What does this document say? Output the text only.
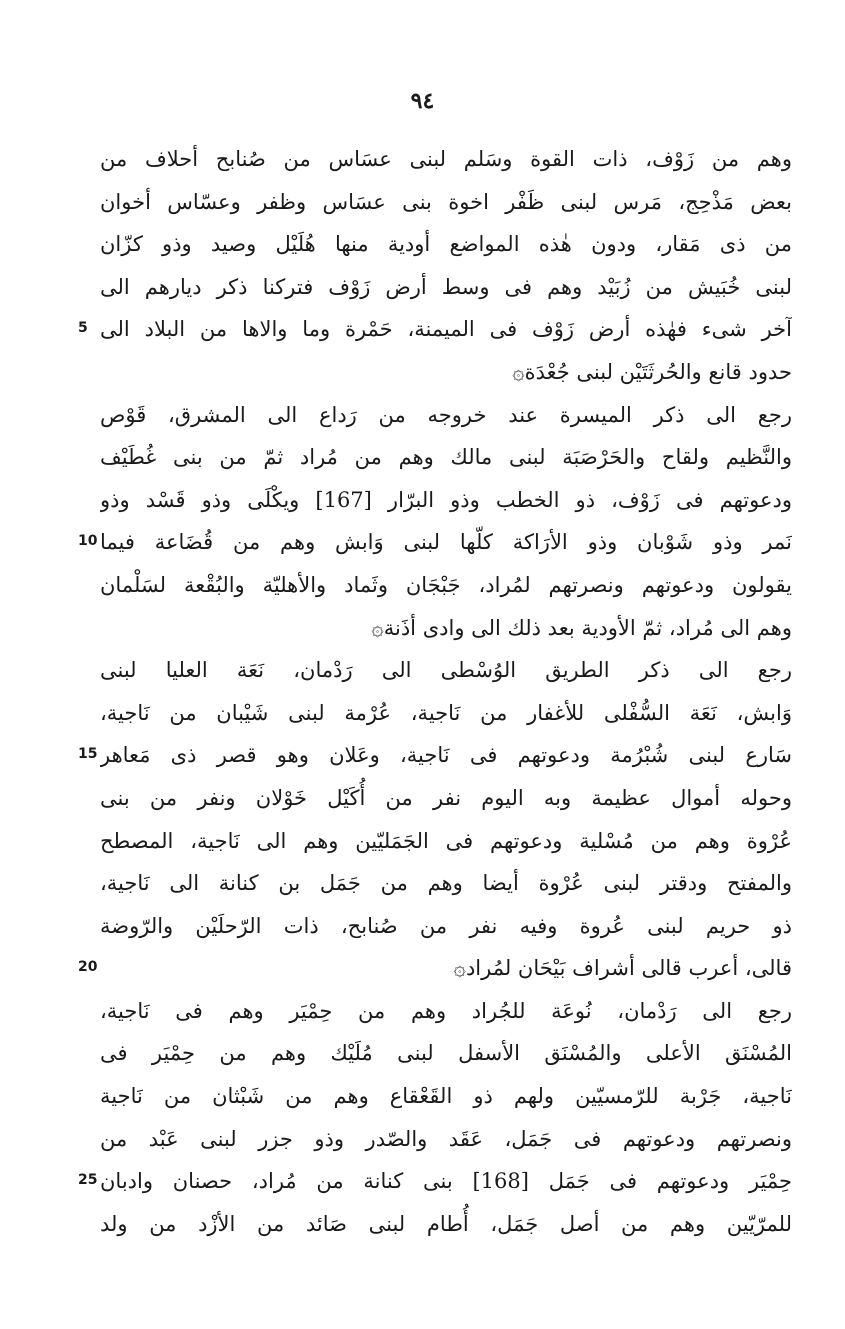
٩٤
وهم من زَوْف، ذات القوة وسَلم لبنى عسَاس من صُنابح أحلاف من
بعض مَذْحِج، مَرس لبنى ظَفْر اخوة بنى عسَاس وظفر وعسّاس أخوان
من ذى مَقار، ودون هٰذه المواضع أودية منها هُلَيْل وصيد وذو كزّان
لبنى خُبَيش من زُبَيْد وهم فى وسط أرض زَوْف فتركنا ذكر ديارهم الى
آخر شىء فهٰذه أرض زَوْف فى الميمنة، حَمْرة وما والاها من البلاد الى
حدود قانع والحُرثَتَيْن لبنى جُعْدَة۞
رجع الى ذكر الميسرة عند خروجه من رَداع الى المشرق، قَوْص
والنَّظيم ولقاح والحَرْصَبَة لبنى مالك وهم من مُراد ثمّ من بنى غُطَيْف
ودعوتهم فى زَوْف، ذو الخطب وذو البرّار [167] ويكْلَى وذو قَسْد وذو
نَمر وذو شَوْبان وذو الأرَاكة كلّها لبنى وَابش وهم من قُضَاعة فيما
يقولون ودعوتهم ونصرتهم لمُراد، جَبْجَان وثَماد والأهليّة والبُقْعة لسَلْمان
وهم الى مُراد، ثمّ الأودية بعد ذلك الى وادى أذَنة۞
رجع الى ذكر الطريق الوُسْطى الى رَدْمان، نَعَة العليا لبنى
وَابش، نَعَة السُّفْلى للأغفار من نَاجية، عُرْمة لبنى شَيْبان من نَاجية،
سَارع لبنى شُبْرُمة ودعوتهم فى نَاجية، وعَلان وهو قصر ذى مَعاهر
وحوله أموال عظيمة وبه اليوم نفر من أُكَيْل خَوْلان ونفر من بنى
عُرْوة وهم من مُسْلية ودعوتهم فى الجَمَليّين وهم الى نَاجية، المصطح
والمفتح ودقتر لبنى عُرْوة أيضا وهم من جَمَل بن كنانة الى نَاجية،
ذو حريم لبنى عُروة وفيه نفر من صُنابح، ذات الرّحلَيْن والرّوضة
قالى، أعرب قالى أشراف بَيْحَان لمُراد۞
رجع الى رَدْمان، نُوعَة للجُراد وهم من حِمْيَر وهم فى نَاجية،
المُسْنَق الأعلى والمُسْنَق الأسفل لبنى مُلَيْك وهم من حِمْيَر فى
نَاجية، جَرْبة للرّمسيّين ولهم ذو القَعْقاع وهم من شَبْثان من نَاجية
ونصرتهم ودعوتهم فى جَمَل، عَقَد والصّدر وذو جزر لبنى عَبْد من
حِمْيَر ودعوتهم فى جَمَل [168] بنى كنانة من مُراد، حصنان وادبان
للمرّيّين وهم من أصل جَمَل، أُطام لبنى صَائد من الأزْد من ولد
5
10
15
20
25
